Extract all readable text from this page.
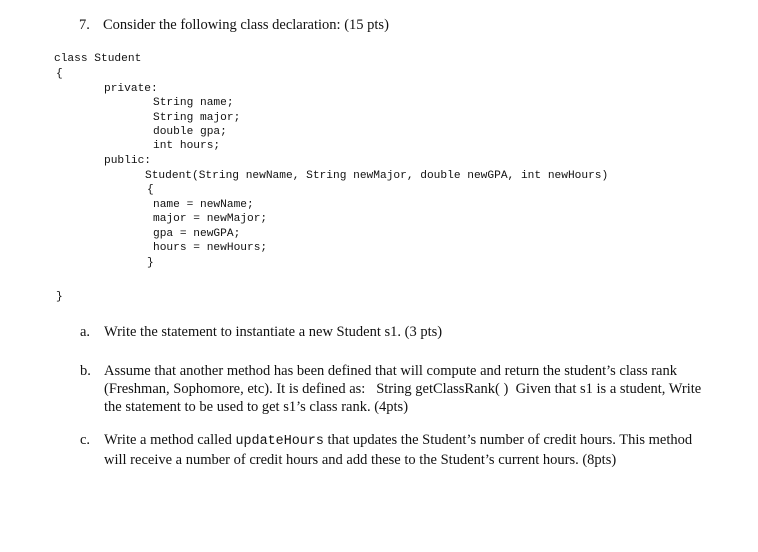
7. Consider the following class declaration: (15 pts)
class Student
{
private:
String name;
String major;
double gpa;
int hours;
public:
Student(String newName, String newMajor, double newGPA, int newHours)
{
name = newName;
major = newMajor;
gpa = newGPA;
hours = newHours;
}
}
a. Write the statement to instantiate a new Student s1. (3 pts)
b. Assume that another method has been defined that will compute and return the student’s class rank (Freshman, Sophomore, etc). It is defined as: String getClassRank( ) Given that s1 is a student, Write the statement to be used to get s1’s class rank. (4pts)
c. Write a method called updateHours that updates the Student’s number of credit hours. This method will receive a number of credit hours and add these to the Student’s current hours. (8pts)
